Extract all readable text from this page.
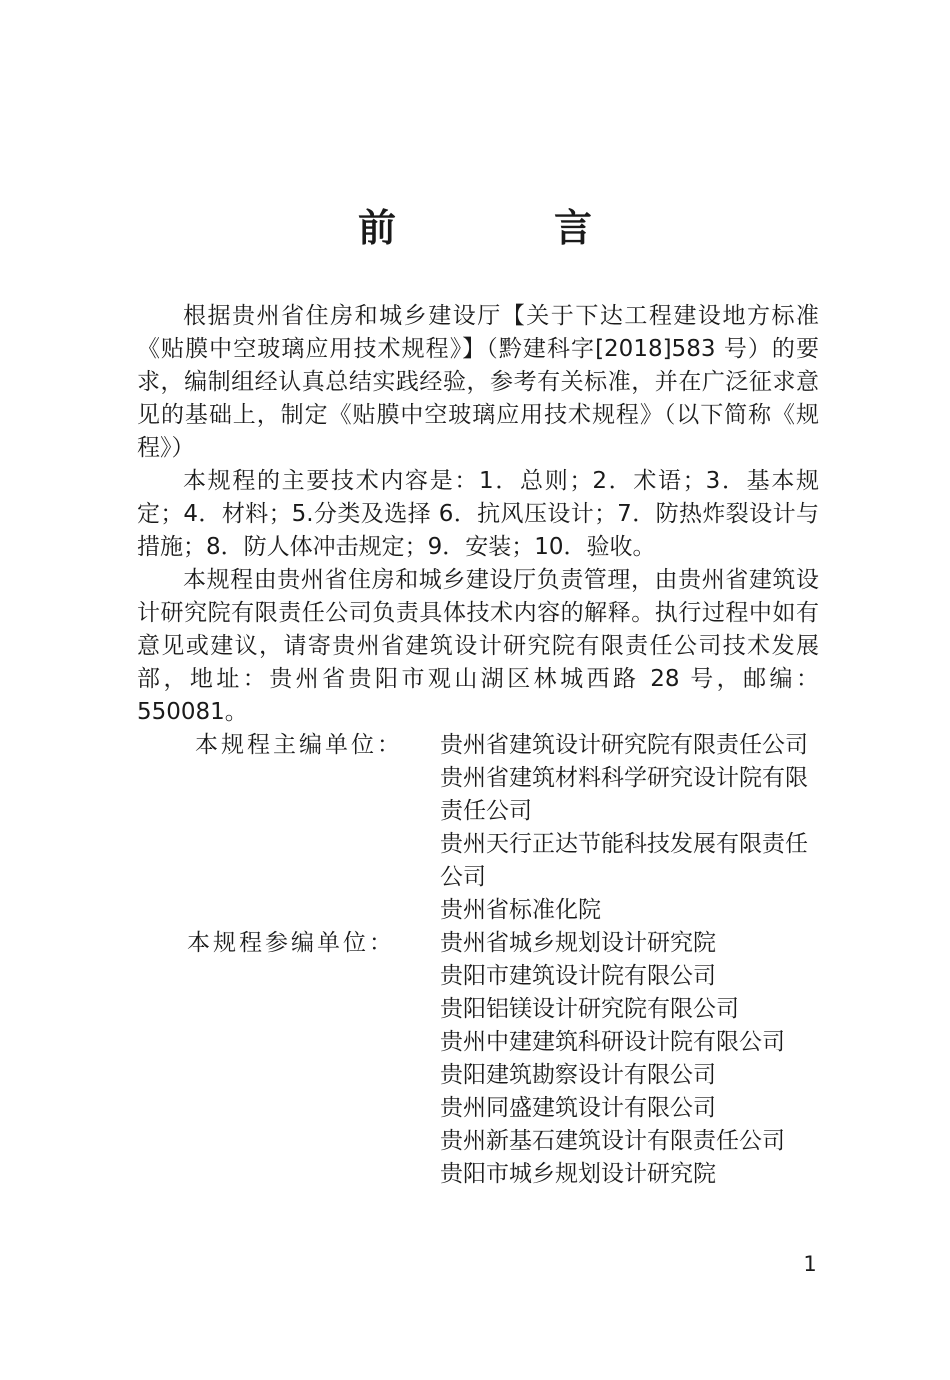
前　言

根据贵州省住房和城乡建设厅【关于下达工程建设地方标准《贴膜中空玻璃应用技术规程》】（黔建科字[2018]583 号）的要求，编制组经认真总结实践经验，参考有关标准，并在广泛征求意见的基础上，制定《贴膜中空玻璃应用技术规程》（以下简称《规程》）

本规程的主要技术内容是：1．总则；2．术语；3．基本规定；4．材料；5.分类及选择 6．抗风压设计；7．防热炸裂设计与措施；8．防人体冲击规定；9．安装；10．验收。

本规程由贵州省住房和城乡建设厅负责管理，由贵州省建筑设计研究院有限责任公司负责具体技术内容的解释。执行过程中如有意见或建议，请寄贵州省建筑设计研究院有限责任公司技术发展部，地址：贵州省贵阳市观山湖区林城西路 28 号，邮编：550081。

本规程主编单位：	贵州省建筑设计研究院有限责任公司
贵州省建筑材料科学研究设计院有限责任公司
贵州天行正达节能科技发展有限责任公司
贵州省标准化院
本规程参编单位：	贵州省城乡规划设计研究院
贵阳市建筑设计院有限公司
贵阳铝镁设计研究院有限公司
贵州中建建筑科研设计院有限公司
贵阳建筑勘察设计有限公司
贵州同盛建筑设计有限公司
贵州新基石建筑设计有限责任公司
贵阳市城乡规划设计研究院
1
